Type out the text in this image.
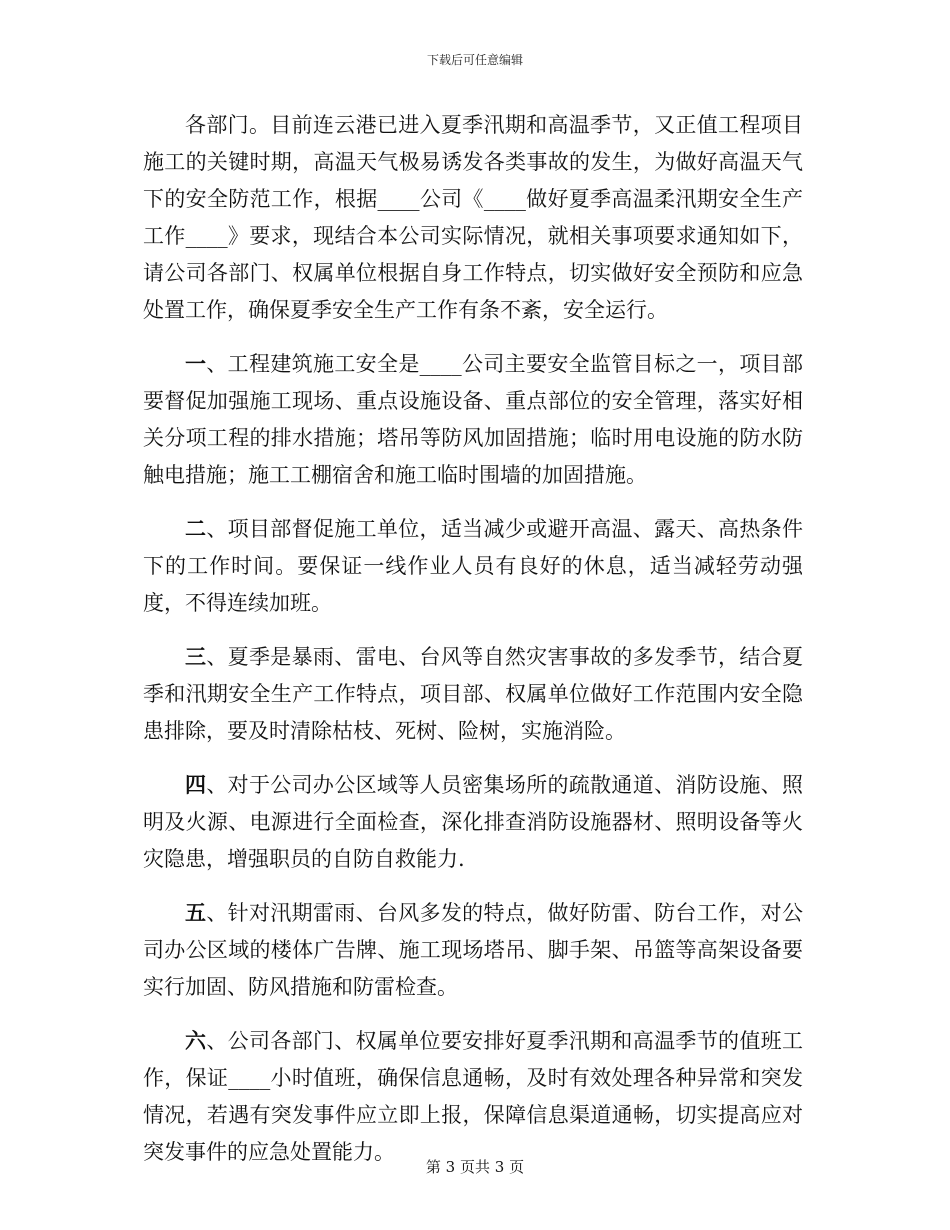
下载后可任意编辑

各部门。目前连云港已进入夏季汛期和高温季节，又正值工程项目施工的关键时期，高温天气极易诱发各类事故的发生，为做好高温天气下的安全防范工作，根据____公司《____做好夏季高温柔汛期安全生产工作____》要求，现结合本公司实际情况，就相关事项要求通知如下，请公司各部门、权属单位根据自身工作特点，切实做好安全预防和应急处置工作，确保夏季安全生产工作有条不紊，安全运行。

一、工程建筑施工安全是____公司主要安全监管目标之一，项目部要督促加强施工现场、重点设施设备、重点部位的安全管理，落实好相关分项工程的排水措施；塔吊等防风加固措施；临时用电设施的防水防触电措施；施工工棚宿舍和施工临时围墙的加固措施。

二、项目部督促施工单位，适当减少或避开高温、露天、高热条件下的工作时间。要保证一线作业人员有良好的休息，适当减轻劳动强度，不得连续加班。

三、夏季是暴雨、雷电、台风等自然灾害事故的多发季节，结合夏季和汛期安全生产工作特点，项目部、权属单位做好工作范围内安全隐患排除，要及时清除枯枝、死树、险树，实施消险。

四、对于公司办公区域等人员密集场所的疏散通道、消防设施、照明及火源、电源进行全面检查，深化排查消防设施器材、照明设备等火灾隐患，增强职员的自防自救能力.

五、针对汛期雷雨、台风多发的特点，做好防雷、防台工作，对公司办公区域的楼体广告牌、施工现场塔吊、脚手架、吊篮等高架设备要实行加固、防风措施和防雷检查。

六、公司各部门、权属单位要安排好夏季汛期和高温季节的值班工作，保证____小时值班，确保信息通畅，及时有效处理各种异常和突发情况，若遇有突发事件应立即上报，保障信息渠道通畅，切实提高应对突发事件的应急处置能力。

第 3 页共 3 页
